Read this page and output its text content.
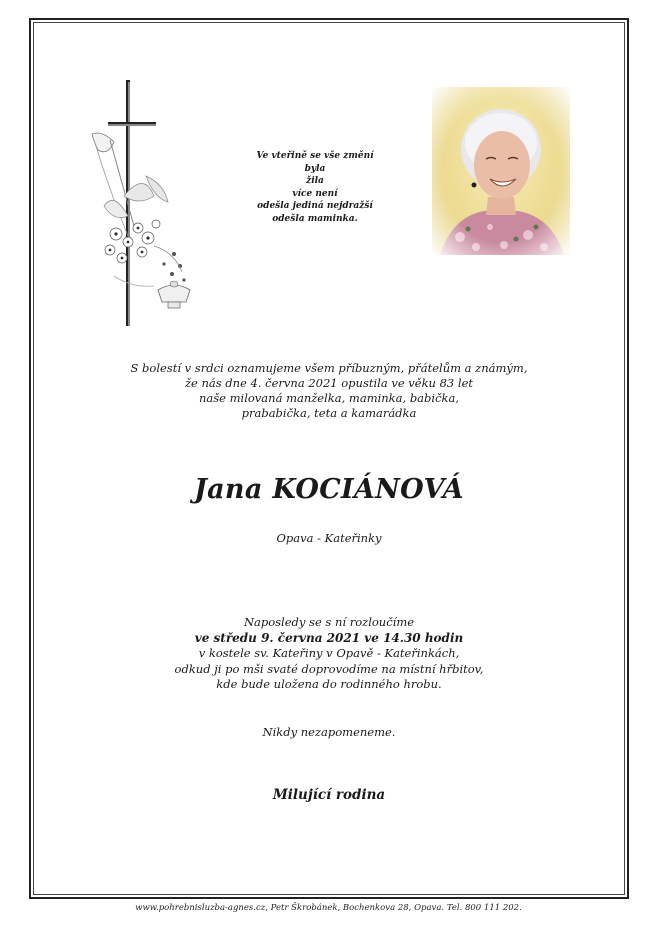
Ve vteřině se vše změní
byla
žila
více není
odešla jediná nejdražší
odešla maminka.
S bolestí v srdci oznamujeme všem příbuzným, přátelům a známým,
že nás dne 4. června 2021 opustila ve věku 83 let
naše milovaná manželka, maminka, babička,
prababička, teta a kamarádka
Jana KOCIÁNOVÁ
Opava - Kateřinky
Naposledy se s ní rozloučíme
ve středu 9. června 2021 ve 14.30 hodin
v kostele sv. Kateřiny v Opavě - Kateřinkách,
odkud ji po mši svaté doprovodíme na místní hřbitov,
kde bude uložena do rodinného hrobu.
Nikdy nezapomeneme.
Milující rodina
www.pohrebnisluzba-agnes.cz, Petr Škrobánek, Bochenkova 28, Opava. Tel. 800 111 202.
